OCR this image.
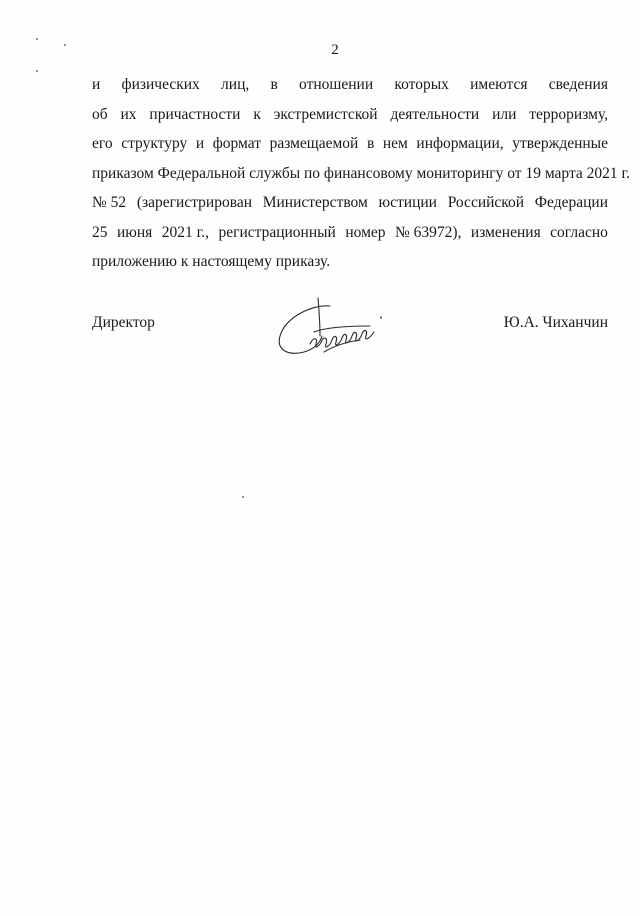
2
и физических лиц, в отношении которых имеются сведения
об их причастности к экстремистской деятельности или терроризму,
его структуру и формат размещаемой в нем информации, утвержденные
приказом Федеральной службы по финансовому мониторингу от 19 марта 2021 г.
№ 52 (зарегистрирован Министерством юстиции Российской Федерации
25 июня 2021 г., регистрационный номер № 63972), изменения согласно
приложению к настоящему приказу.
Директор	Ю.А. Чиханчин
